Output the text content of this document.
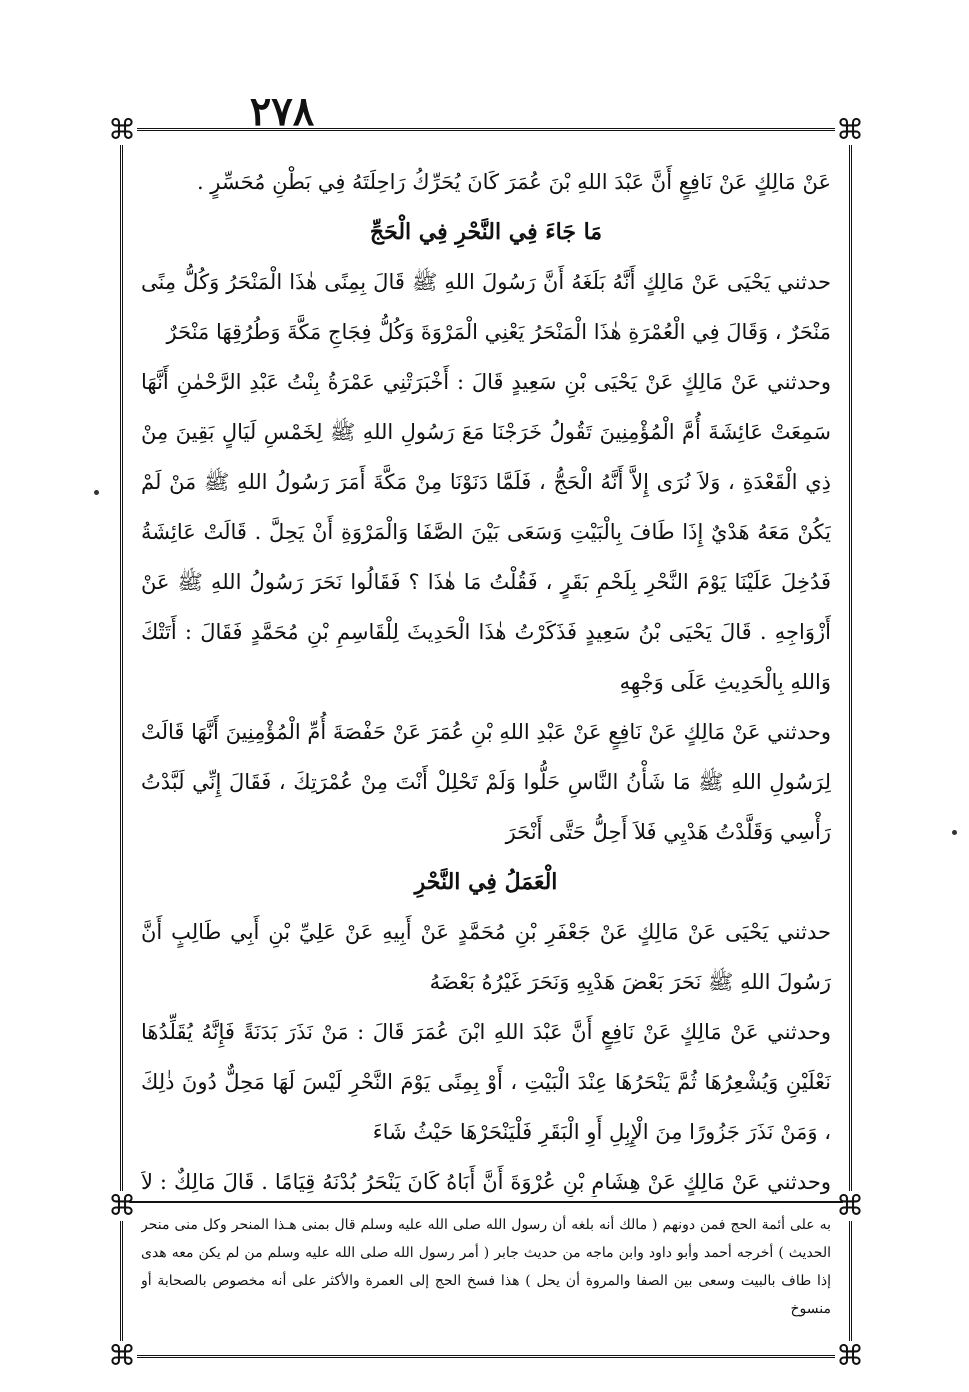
٢٧٨
⌘	⌘
⌘	⌘
⌘	⌘

عَنْ مَالِكٍ عَنْ نَافِعٍ أَنَّ عَبْدَ اللهِ بْنَ عُمَرَ كَانَ يُحَرِّكُ رَاحِلَتَهُ فِي بَطْنِ مُحَسِّرٍ .

مَا جَاءَ فِي النَّحْرِ فِي الْحَجِّ

حدثني يَحْيَى عَنْ مَالِكٍ أَنَّهُ بَلَغَهُ أَنَّ رَسُولَ اللهِ ﷺ قَالَ بِمِنًى هٰذَا الْمَنْحَرُ وَكُلُّ مِنًى مَنْحَرٌ ، وَقَالَ فِي الْعُمْرَةِ هٰذَا الْمَنْحَرُ يَعْنِي الْمَرْوَةَ وَكُلُّ فِجَاجِ مَكَّةَ وَطُرُقِهَا مَنْحَرٌ

وحدثني عَنْ مَالِكٍ عَنْ يَحْيَى بْنِ سَعِيدٍ قَالَ : أَخْبَرَتْنِي عَمْرَةُ بِنْتُ عَبْدِ الرَّحْمٰنِ أَنَّهَا سَمِعَتْ عَائِشَةَ أُمَّ الْمُؤْمِنِينَ تَقُولُ خَرَجْنَا مَعَ رَسُولِ اللهِ ﷺ لِخَمْسِ لَيَالٍ بَقِينَ مِنْ ذِي الْقَعْدَةِ ، وَلاَ نُرَى إِلاَّ أَنَّهُ الْحَجُّ ، فَلَمَّا دَنَوْنَا مِنْ مَكَّةَ أَمَرَ رَسُولُ اللهِ ﷺ مَنْ لَمْ يَكُنْ مَعَهُ هَدْيٌ إِذَا طَافَ بِالْبَيْتِ وَسَعَى بَيْنَ الصَّفَا وَالْمَرْوَةِ أَنْ يَحِلَّ . قَالَتْ عَائِشَةُ فَدُخِلَ عَلَيْنَا يَوْمَ النَّحْرِ بِلَحْمِ بَقَرٍ ، فَقُلْتُ مَا هٰذَا ؟ فَقَالُوا نَحَرَ رَسُولُ اللهِ ﷺ عَنْ أَزْوَاجِهِ . قَالَ يَحْيَى بْنُ سَعِيدٍ فَذَكَرْتُ هٰذَا الْحَدِيثَ لِلْقَاسِمِ بْنِ مُحَمَّدٍ فَقَالَ : أَتَتْكَ وَاللهِ بِالْحَدِيثِ عَلَى وَجْهِهِ

وحدثني عَنْ مَالِكٍ عَنْ نَافِعٍ عَنْ عَبْدِ اللهِ بْنِ عُمَرَ عَنْ حَفْصَةَ أُمِّ الْمُؤْمِنِينَ أَنَّهَا قَالَتْ لِرَسُولِ اللهِ ﷺ مَا شَأْنُ النَّاسِ حَلُّوا وَلَمْ تَحْلِلْ أَنْتَ مِنْ عُمْرَتِكَ ، فَقَالَ إِنِّي لَبَّدْتُ رَأْسِي وَقَلَّدْتُ هَدْيِي فَلاَ أَحِلُّ حَتَّى أَنْحَرَ

الْعَمَلُ فِي النَّحْرِ

حدثني يَحْيَى عَنْ مَالِكٍ عَنْ جَعْفَرِ بْنِ مُحَمَّدٍ عَنْ أَبِيهِ عَنْ عَلِيِّ بْنِ أَبِي طَالِبٍ أَنَّ رَسُولَ اللهِ ﷺ نَحَرَ بَعْضَ هَدْيِهِ وَنَحَرَ غَيْرُهُ بَعْضَهُ

وحدثني عَنْ مَالِكٍ عَنْ نَافِعٍ أَنَّ عَبْدَ اللهِ ابْنَ عُمَرَ قَالَ : مَنْ نَذَرَ بَدَنَةً فَإِنَّهُ يُقَلِّدُهَا نَعْلَيْنِ وَيُشْعِرُهَا ثُمَّ يَنْحَرُهَا عِنْدَ الْبَيْتِ ، أَوْ بِمِنًى يَوْمَ النَّحْرِ لَيْسَ لَهَا مَحِلٌّ دُونَ ذٰلِكَ ، وَمَنْ نَذَرَ جَزُورًا مِنَ الْإِبِلِ أَوِ الْبَقَرِ فَلْيَنْحَرْهَا حَيْثُ شَاءَ

وحدثني عَنْ مَالِكٍ عَنْ هِشَامِ بْنِ عُرْوَةَ أَنَّ أَبَاهُ كَانَ يَنْحَرُ بُدْنَهُ قِيَامًا . قَالَ مَالِكٌ : لاَ

به على أئمة الحج فمن دونهم ( مالك أنه بلغه أن رسول الله صلى الله عليه وسلم قال بمنى هـذا المنحر وكل منى منحر الحديث ) أخرجه أحمد وأبو داود وابن ماجه من حديث جابر ( أمر رسول الله صلى الله عليه وسلم من لم يكن معه هدى إذا طاف بالبيت وسعى بين الصفا والمروة أن يحل ) هذا فسخ الحج إلى العمرة والأكثر على أنه مخصوص بالصحابة أو منسوخ
